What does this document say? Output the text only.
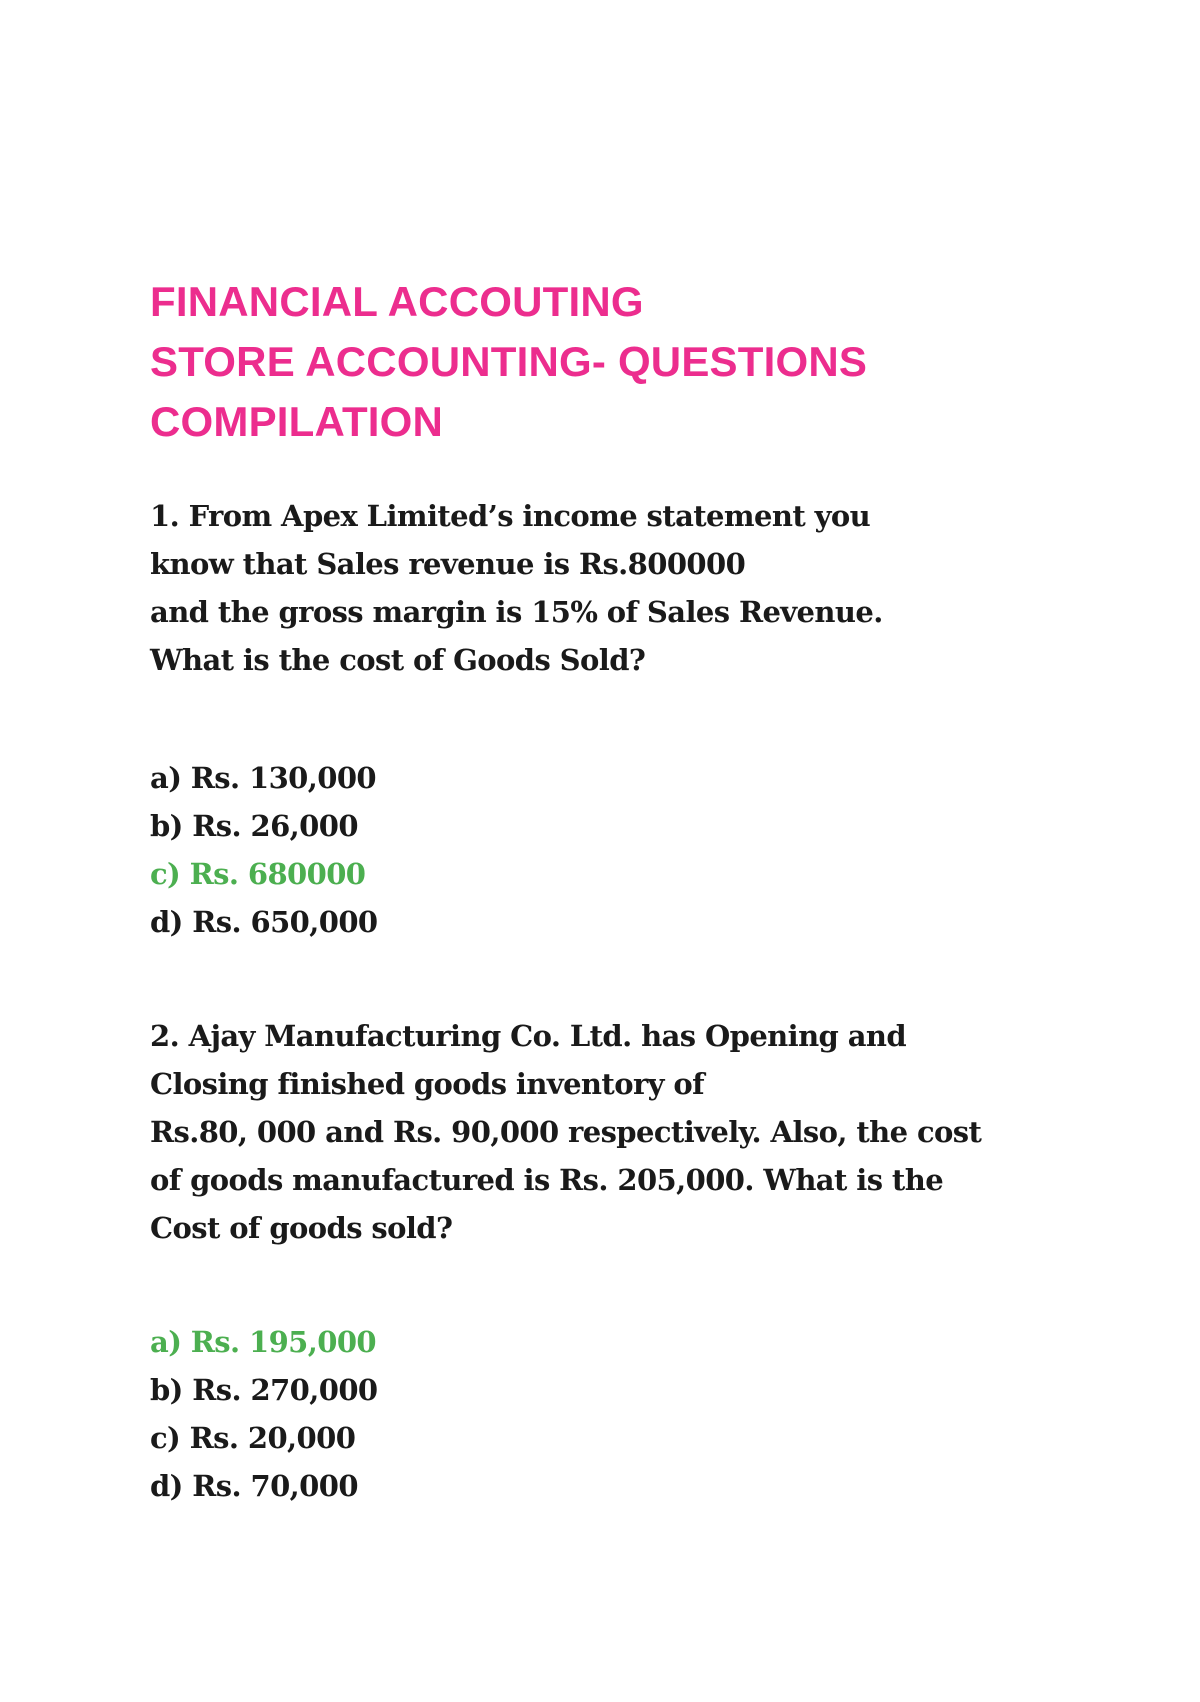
FINANCIAL ACCOUTING
STORE ACCOUNTING- QUESTIONS
COMPILATION
1. From Apex Limited’s income statement you
know that Sales revenue is Rs.800000
and the gross margin is 15% of Sales Revenue.
What is the cost of Goods Sold?
a) Rs. 130,000
b) Rs. 26,000
c) Rs. 680000
d) Rs. 650,000
2. Ajay Manufacturing Co. Ltd. has Opening and
Closing finished goods inventory of
Rs.80, 000 and Rs. 90,000 respectively. Also, the cost
of goods manufactured is Rs. 205,000. What is the
Cost of goods sold?
a) Rs. 195,000
b) Rs. 270,000
c) Rs. 20,000
d) Rs. 70,000
